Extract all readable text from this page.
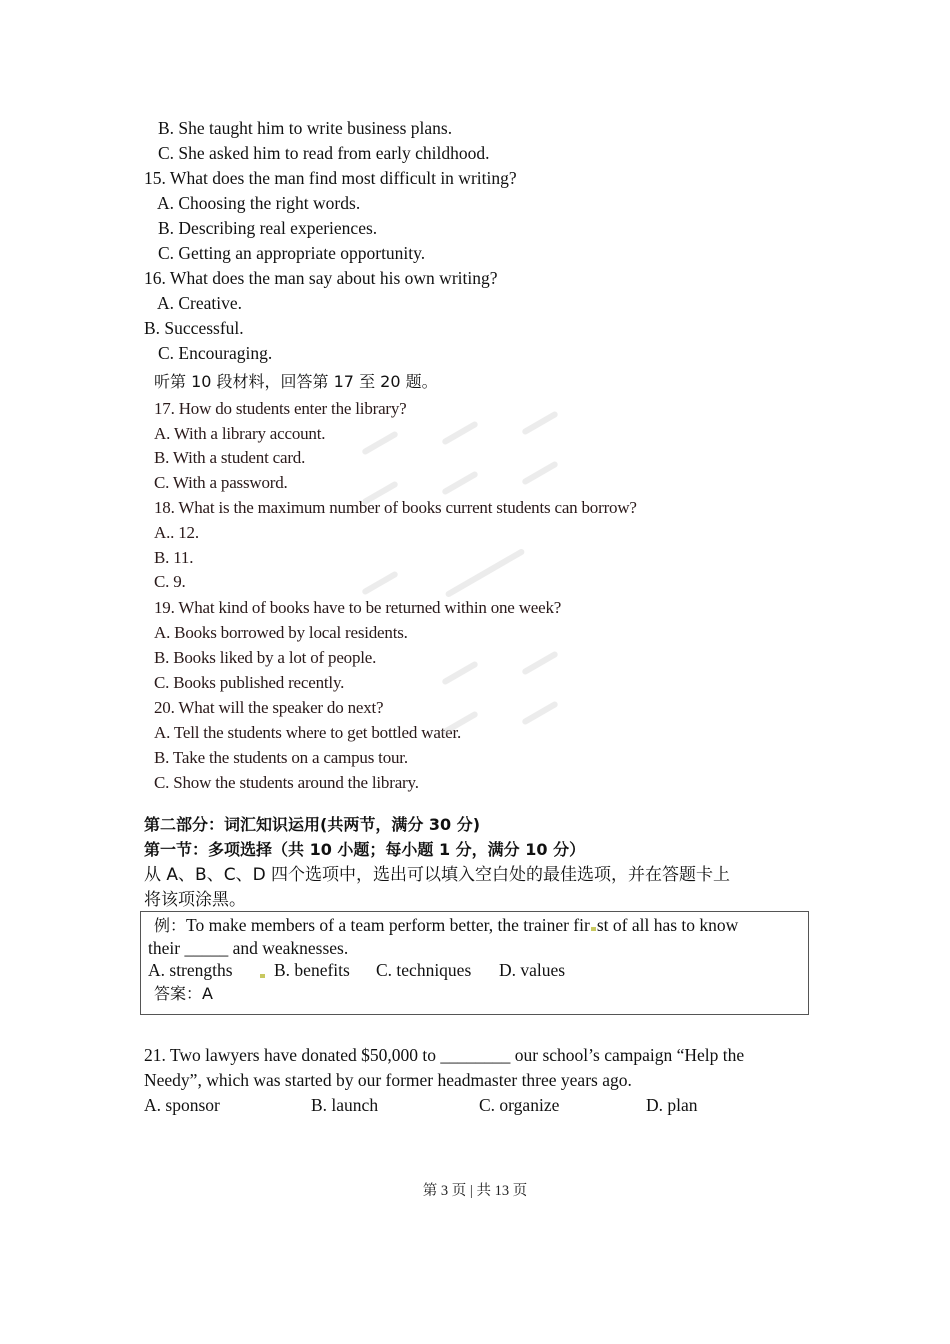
B. She taught him to write business plans.
C. She asked him to read from early childhood.
15. What does the man find most difficult in writing?
A. Choosing the right words.
B. Describing real experiences.
C. Getting an appropriate opportunity.
16. What does the man say about his own writing?
A. Creative.
B. Successful.
C. Encouraging.
听第 10 段材料，回答第 17 至 20 题。
17. How do students enter the library?
A. With a library account.
B. With a student card.
C. With a password.
18. What is the maximum number of books current students can borrow?
A.. 12.
B. 11.
C. 9.
19. What kind of books have to be returned within one week?
A. Books borrowed by local residents.
B. Books liked by a lot of people.
C. Books published recently.
20. What will the speaker do next?
A. Tell the students where to get bottled water.
B. Take the students on a campus tour.
C. Show the students around the library.
第二部分：词汇知识运用(共两节，满分 30 分)
第一节：多项选择（共 10 小题；每小题 1 分，满分 10 分）
从 A、B、C、D 四个选项中，选出可以填入空白处的最佳选项，并在答题卡上
将该项涂黑。
例：To make members of a team perform better, the trainer fir st of all has to know
their _____ and weaknesses.
A. strengths B. benefits C. techniques D. values
答案：A
21. Two lawyers have donated $50,000 to ________ our school’s campaign “Help the
Needy”, which was started by our former headmaster three years ago.
A. sponsor	B. launch	C. organize	D. plan
第 3 页 | 共 13 页
